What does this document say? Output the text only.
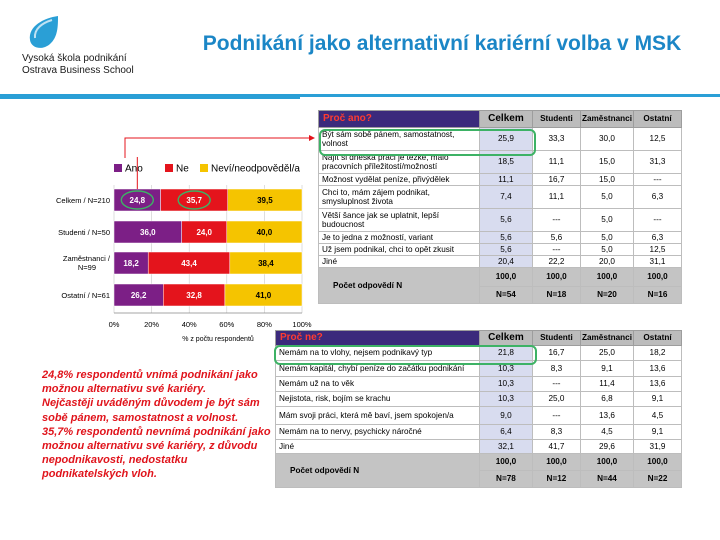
Vysoká škola podnikání
Ostrava Business School
Podnikání jako alternativní kariérní volba v MSK
0%	20%	40%	60%	80%	100%
% z počtu respondentů
Ano	Ne Neví/neodpověděl/a
Celkem / N=210 24,8	35,7	39,5
Studenti / N=50	36,0	24,0	40,0
Zaměstnanci /
N=99	18,2	43,4	38,4
Ostatní / N=61	26,2	32,8	41,0

24,8% respondentů vnímá podnikání jako možnou alternativu své kariéry.

Nejčastěji uváděným důvodem je být sám sobě pánem, samostatnost a volnost.

35,7% respondentů nevnímá podnikání jako možnou alternativu své kariéry, z důvodu nepodnikavosti, nedostatku podnikatelských vloh.

Proč ano?	Celkem	Studenti	Zaměstnanci	Ostatní
Být sám sobě pánem, samostatnost, volnost	25,9	33,3	30,0	12,5
Najít si dneska práci je těžké, málo pracovních příležitostí/možností	18,5	11,1	15,0	31,3
Možnost vydělat peníze, přivýdělek	11,1	16,7	15,0	---
Chci to, mám zájem podnikat, smysluplnost života	7,4	11,1	5,0	6,3
Větší šance jak se uplatnit, lepší budoucnost	5,6	---	5,0	---
Je to jedna z možností, variant	5,6	5,6	5,0	6,3
Už jsem podnikal, chci to opět zkusit	5,6	---	5,0	12,5
Jiné	20,4	22,2	20,0	31,1
Počet odpovědí N	100,0	100,0	100,0	100,0
	N=54	N=18	N=20	N=16
Proč ne?	Celkem	Studenti	Zaměstnanci	Ostatní
Nemám na to vlohy, nejsem podnikavý typ	21,8	16,7	25,0	18,2
Nemám kapitál, chybí peníze do začátku podnikání	10,3	8,3	9,1	13,6
Nemám už na to věk	10,3	---	11,4	13,6
Nejistota, risk, bojím se krachu	10,3	25,0	6,8	9,1
Mám svoji práci, která mě baví, jsem spokojen/a	9,0	---	13,6	4,5
Nemám na to nervy, psychicky náročné	6,4	8,3	4,5	9,1
Jiné	32,1	41,7	29,6	31,9
Počet odpovědí N	100,0	100,0	100,0	100,0
	N=78	N=12	N=44	N=22
